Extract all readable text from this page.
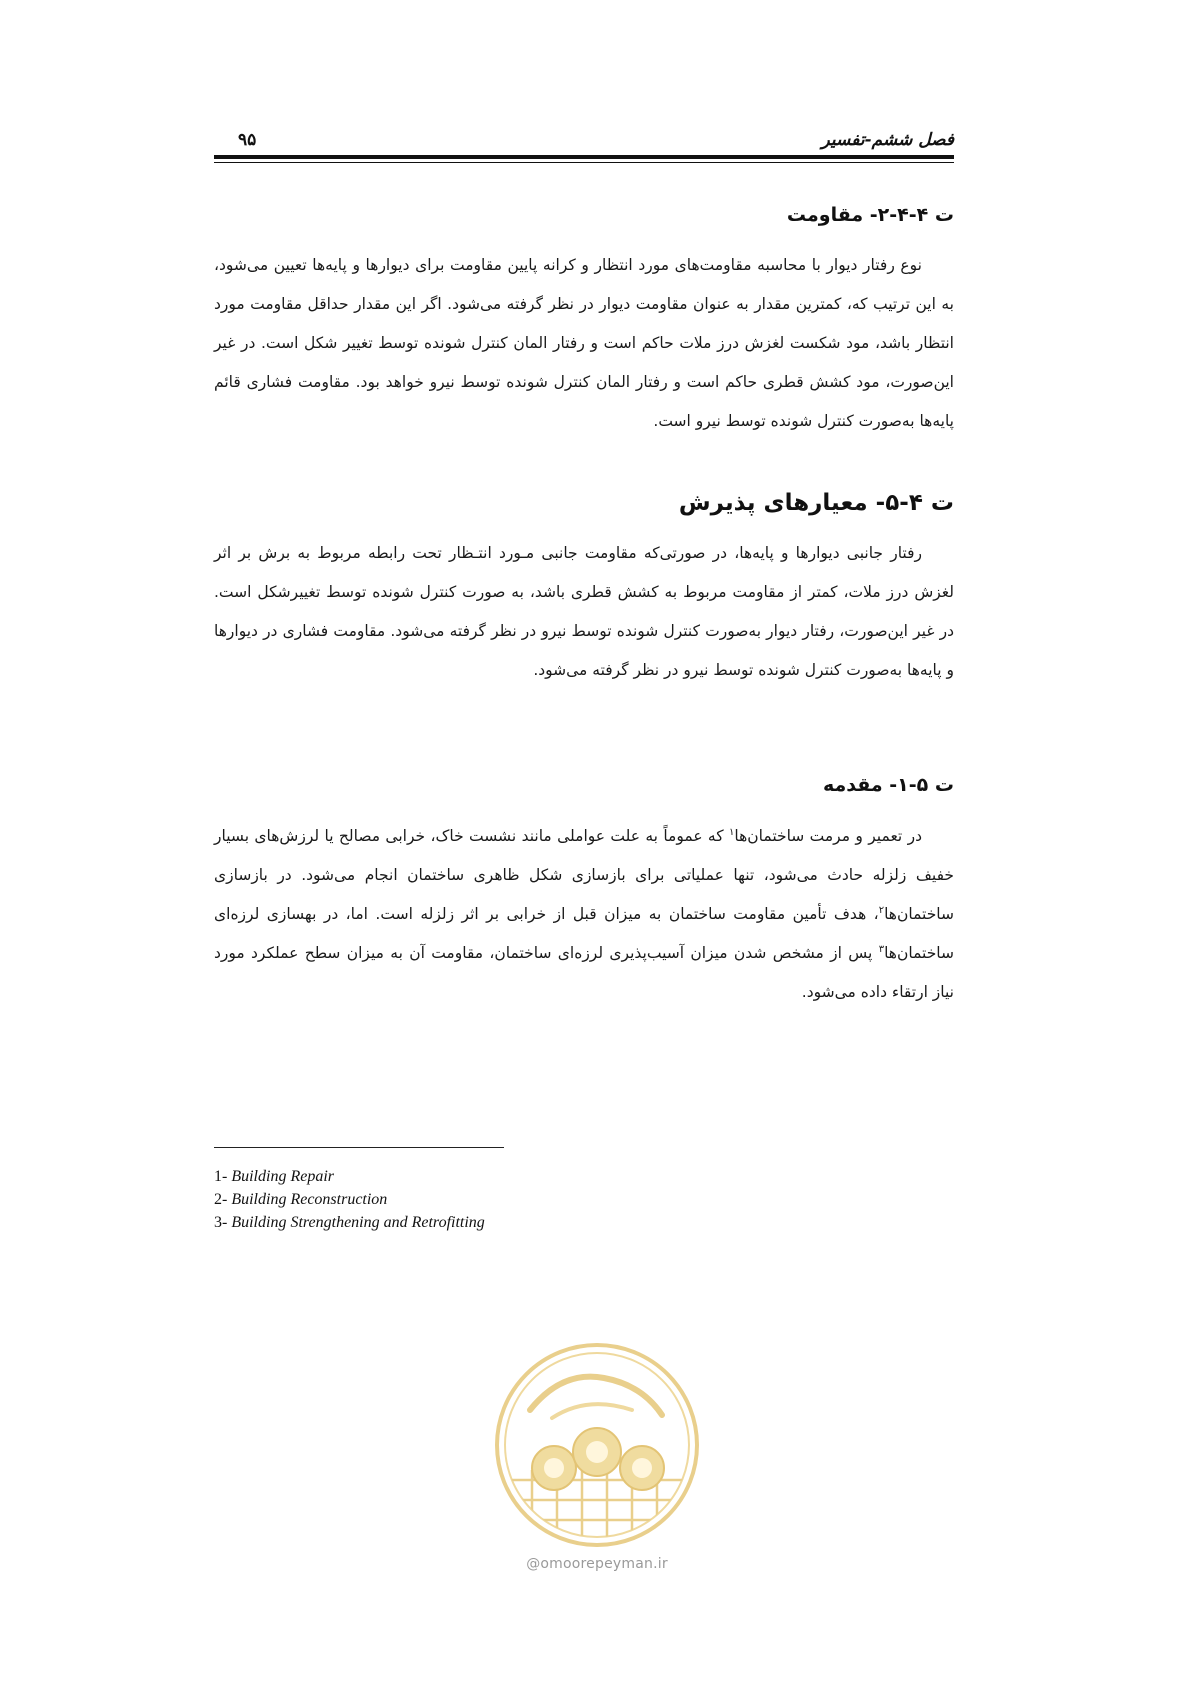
فصل ششم-تفسیر
۹۵
ت ۴-۴-۲- مقاومت

نوع رفتار دیوار با محاسبه مقاومت‌های مورد انتظار و کرانه پایین مقاومت برای دیوارها و پایه‌ها تعیین می‌شود، به این ترتیب که، کمترین مقدار به عنوان مقاومت دیوار در نظر گرفته می‌شود. اگر این مقدار حداقل مقاومت مورد انتظار باشد، مود شکست لغزش درز ملات حاکم است و رفتار المان کنترل شونده توسط تغییر شکل است. در غیر این‌صورت، مود کشش قطری حاکم است و رفتار المان کنترل شونده توسط نیرو خواهد بود. مقاومت فشاری قائم پایه‌ها به‌صورت کنترل شونده توسط نیرو است.

ت ۴-۵- معیارهای پذیرش

رفتار جانبی دیوارها و پایه‌ها، در صورتی‌که مقاومت جانبی مـورد انتـظار تحت رابطه مربوط به برش بر اثر لغزش درز ملات، کمتر از مقاومت مربوط به کشش قطری باشد، به صورت کنترل شونده توسط تغییرشکل است. در غیر این‌صورت، رفتار دیوار به‌صورت کنترل شونده توسط نیرو در نظر گرفته می‌شود. مقاومت فشاری در دیوارها و پایه‌ها به‌صورت کنترل شونده توسط نیرو در نظر گرفته می‌شود.

ت ۵-۱- مقدمه

در تعمیر و مرمت ساختمان‌ها$^۱$ که عموماً به علت عواملی مانند نشست خاک، خرابی مصالح یا لرزش‌های بسیار خفیف زلزله حادث می‌شود، تنها عملیاتی برای بازسازی شکل ظاهری ساختمان انجام می‌شود. در بازسازی ساختمان‌ها$^۲$، هدف تأمین مقاومت ساختمان به میزان قبل از خرابی بر اثر زلزله است. اما، در بهسازی لرزه‌ای ساختمان‌ها$^۳$ پس از مشخص شدن میزان آسیب‌پذیری لرزه‌ای ساختمان، مقاومت آن به میزان سطح عملکرد مورد نیاز ارتقاء داده می‌شود.

1- Building Repair

2- Building Reconstruction

3- Building Strengthening and Retrofitting

@omoorepeyman.ir
